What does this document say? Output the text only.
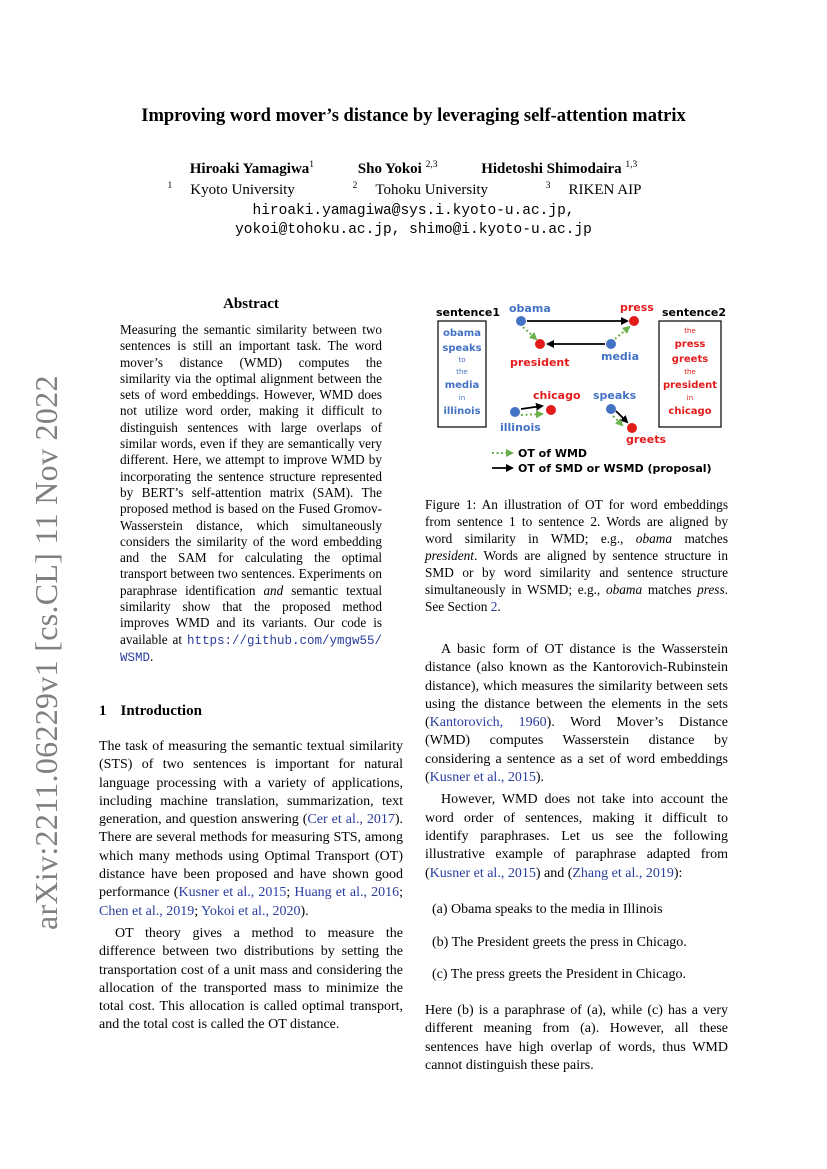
Improving word mover’s distance by leveraging self-attention matrix
Hiroaki Yamagiwa$^1$	Sho Yokoi $^{2,3}$	Hidetoshi Shimodaira $^{1,3}$
$^1$ Kyoto University	$^2$ Tohoku University	$^3$ RIKEN AIP
hiroaki.yamagiwa@sys.i.kyoto-u.ac.jp,
yokoi@tohoku.ac.jp, shimo@i.kyoto-u.ac.jp
arXiv:2211.06229v1 [cs.CL] 11 Nov 2022
Abstract
Measuring the semantic similarity between two sentences is still an important task. The word mover’s distance (WMD) computes the similarity via the optimal alignment between the sets of word embeddings. However, WMD does not utilize word order, making it difficult to distinguish sentences with large overlaps of similar words, even if they are semantically very different. Here, we attempt to improve WMD by incorporating the sentence structure represented by BERT’s self-attention matrix (SAM). The proposed method is based on the Fused Gromov-Wasserstein distance, which simultaneously considers the similarity of the word embedding and the SAM for calculating the optimal transport between two sentences. Experiments on paraphrase identification and semantic textual similarity show that the proposed method improves WMD and its variants. Our code is available at https://github.com/ymgw55/WSMD.
1 Introduction

The task of measuring the semantic textual similarity (STS) of two sentences is important for natural language processing with a variety of applications, including machine translation, summarization, text generation, and question answering (Cer et al., 2017). There are several methods for measuring STS, among which many methods using Optimal Transport (OT) distance have been proposed and have shown good performance (Kusner et al., 2015; Huang et al., 2016; Chen et al., 2019; Yokoi et al., 2020).

OT theory gives a method to measure the difference between two distributions by setting the transportation cost of a unit mass and considering the allocation of the transported mass to minimize the total cost. This allocation is called optimal transport, and the total cost is called the OT distance.

sentence1
obama
speaks
to
the
media
in
illinois
sentence2
the
press
greets
the
president
in
chicago
obama	press
president	media
chicago
illinois
speaks
greets
OT of WMD
OT of SMD or WSMD (proposal)
Figure 1: An illustration of OT for word embeddings from sentence 1 to sentence 2. Words are aligned by word similarity in WMD; e.g., obama matches president. Words are aligned by sentence structure in SMD or by word similarity and sentence structure simultaneously in WSMD; e.g., obama matches press. See Section 2.

A basic form of OT distance is the Wasserstein distance (also known as the Kantorovich-Rubinstein distance), which measures the similarity between sets using the distance between the elements in the sets (Kantorovich, 1960). Word Mover’s Distance (WMD) computes Wasserstein distance by considering a sentence as a set of word embeddings (Kusner et al., 2015).

However, WMD does not take into account the word order of sentences, making it difficult to identify paraphrases. Let us see the following illustrative example of paraphrase adapted from (Kusner et al., 2015) and (Zhang et al., 2019):

(a) Obama speaks to the media in Illinois
(b) The President greets the press in Chicago.
(c) The press greets the President in Chicago.
Here (b) is a paraphrase of (a), while (c) has a very different meaning from (a). However, all these sentences have high overlap of words, thus WMD cannot distinguish these pairs.
